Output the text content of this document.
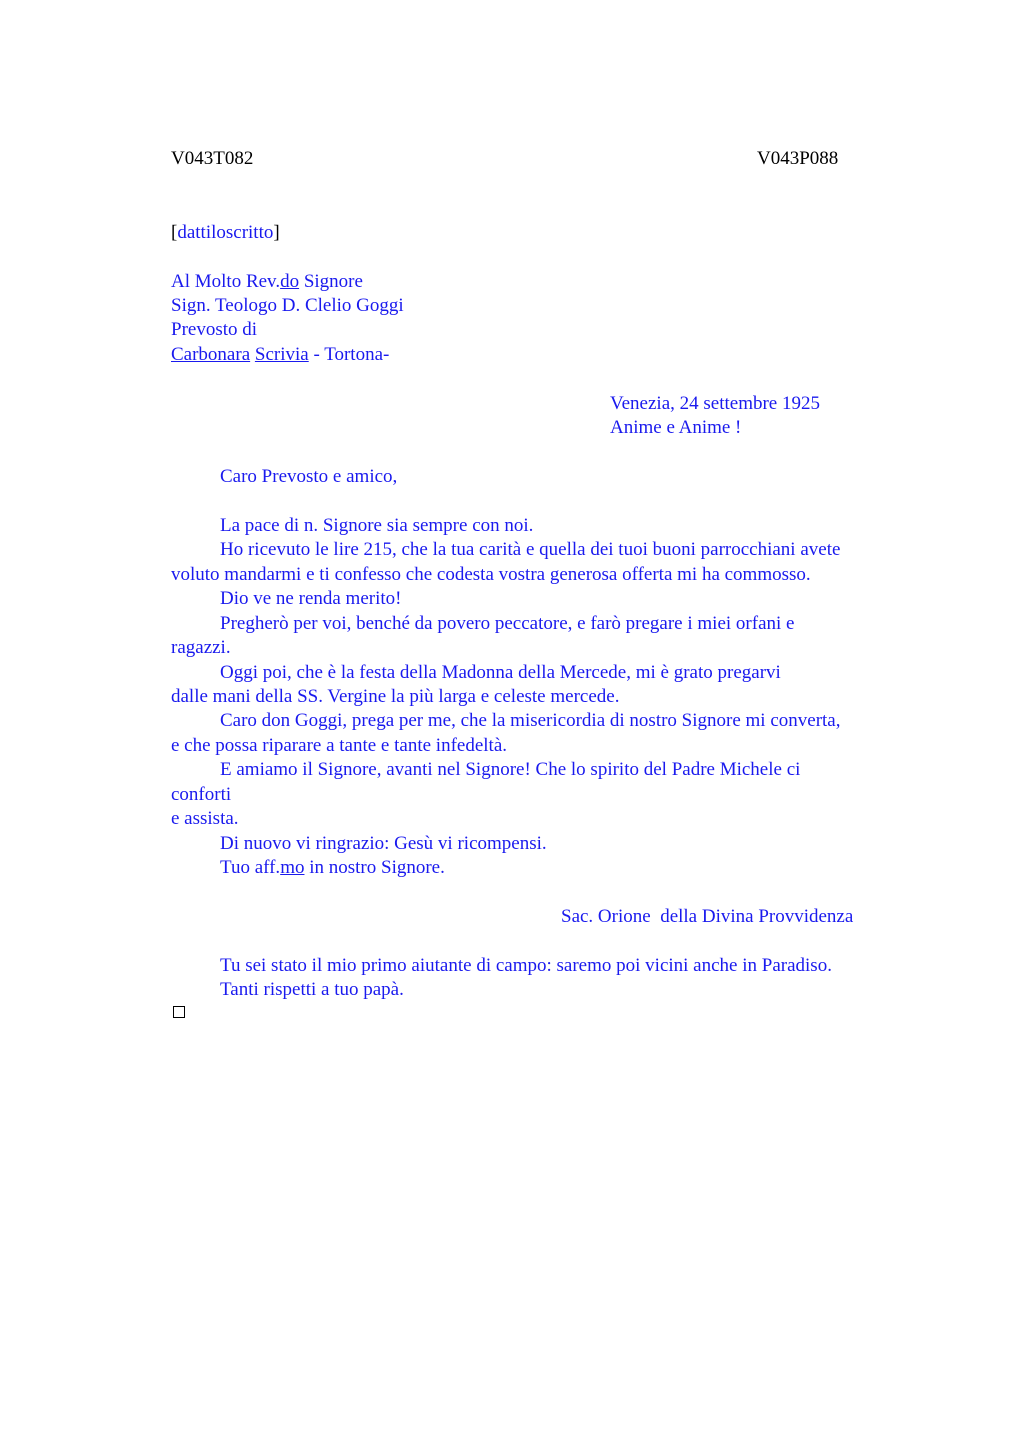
V043T082	V043P088
[dattiloscritto]
Al Molto Rev.do Signore
Sign. Teologo D. Clelio Goggi
Prevosto di
Carbonara Scrivia - Tortona-
Venezia, 24 settembre 1925
Anime e Anime !
Caro Prevosto e amico,
La pace di n. Signore sia sempre con noi.
Ho ricevuto le lire 215, che la tua carità e quella dei tuoi buoni parrocchiani avete
voluto mandarmi e ti confesso che codesta vostra generosa offerta mi ha commosso.
Dio ve ne renda merito!
Pregherò per voi, benché da povero peccatore, e farò pregare i miei orfani e
ragazzi.
Oggi poi, che è la festa della Madonna della Mercede, mi è grato pregarvi
dalle mani della SS. Vergine la più larga e celeste mercede.
Caro don Goggi, prega per me, che la misericordia di nostro Signore mi converta,
e che possa riparare a tante e tante infedeltà.
E amiamo il Signore, avanti nel Signore! Che lo spirito del Padre Michele ci
conforti
e assista.
Di nuovo vi ringrazio: Gesù vi ricompensi.
Tuo aff.mo in nostro Signore.
Sac. Orione  della Divina Provvidenza
Tu sei stato il mio primo aiutante di campo: saremo poi vicini anche in Paradiso.
Tanti rispetti a tuo papà.
